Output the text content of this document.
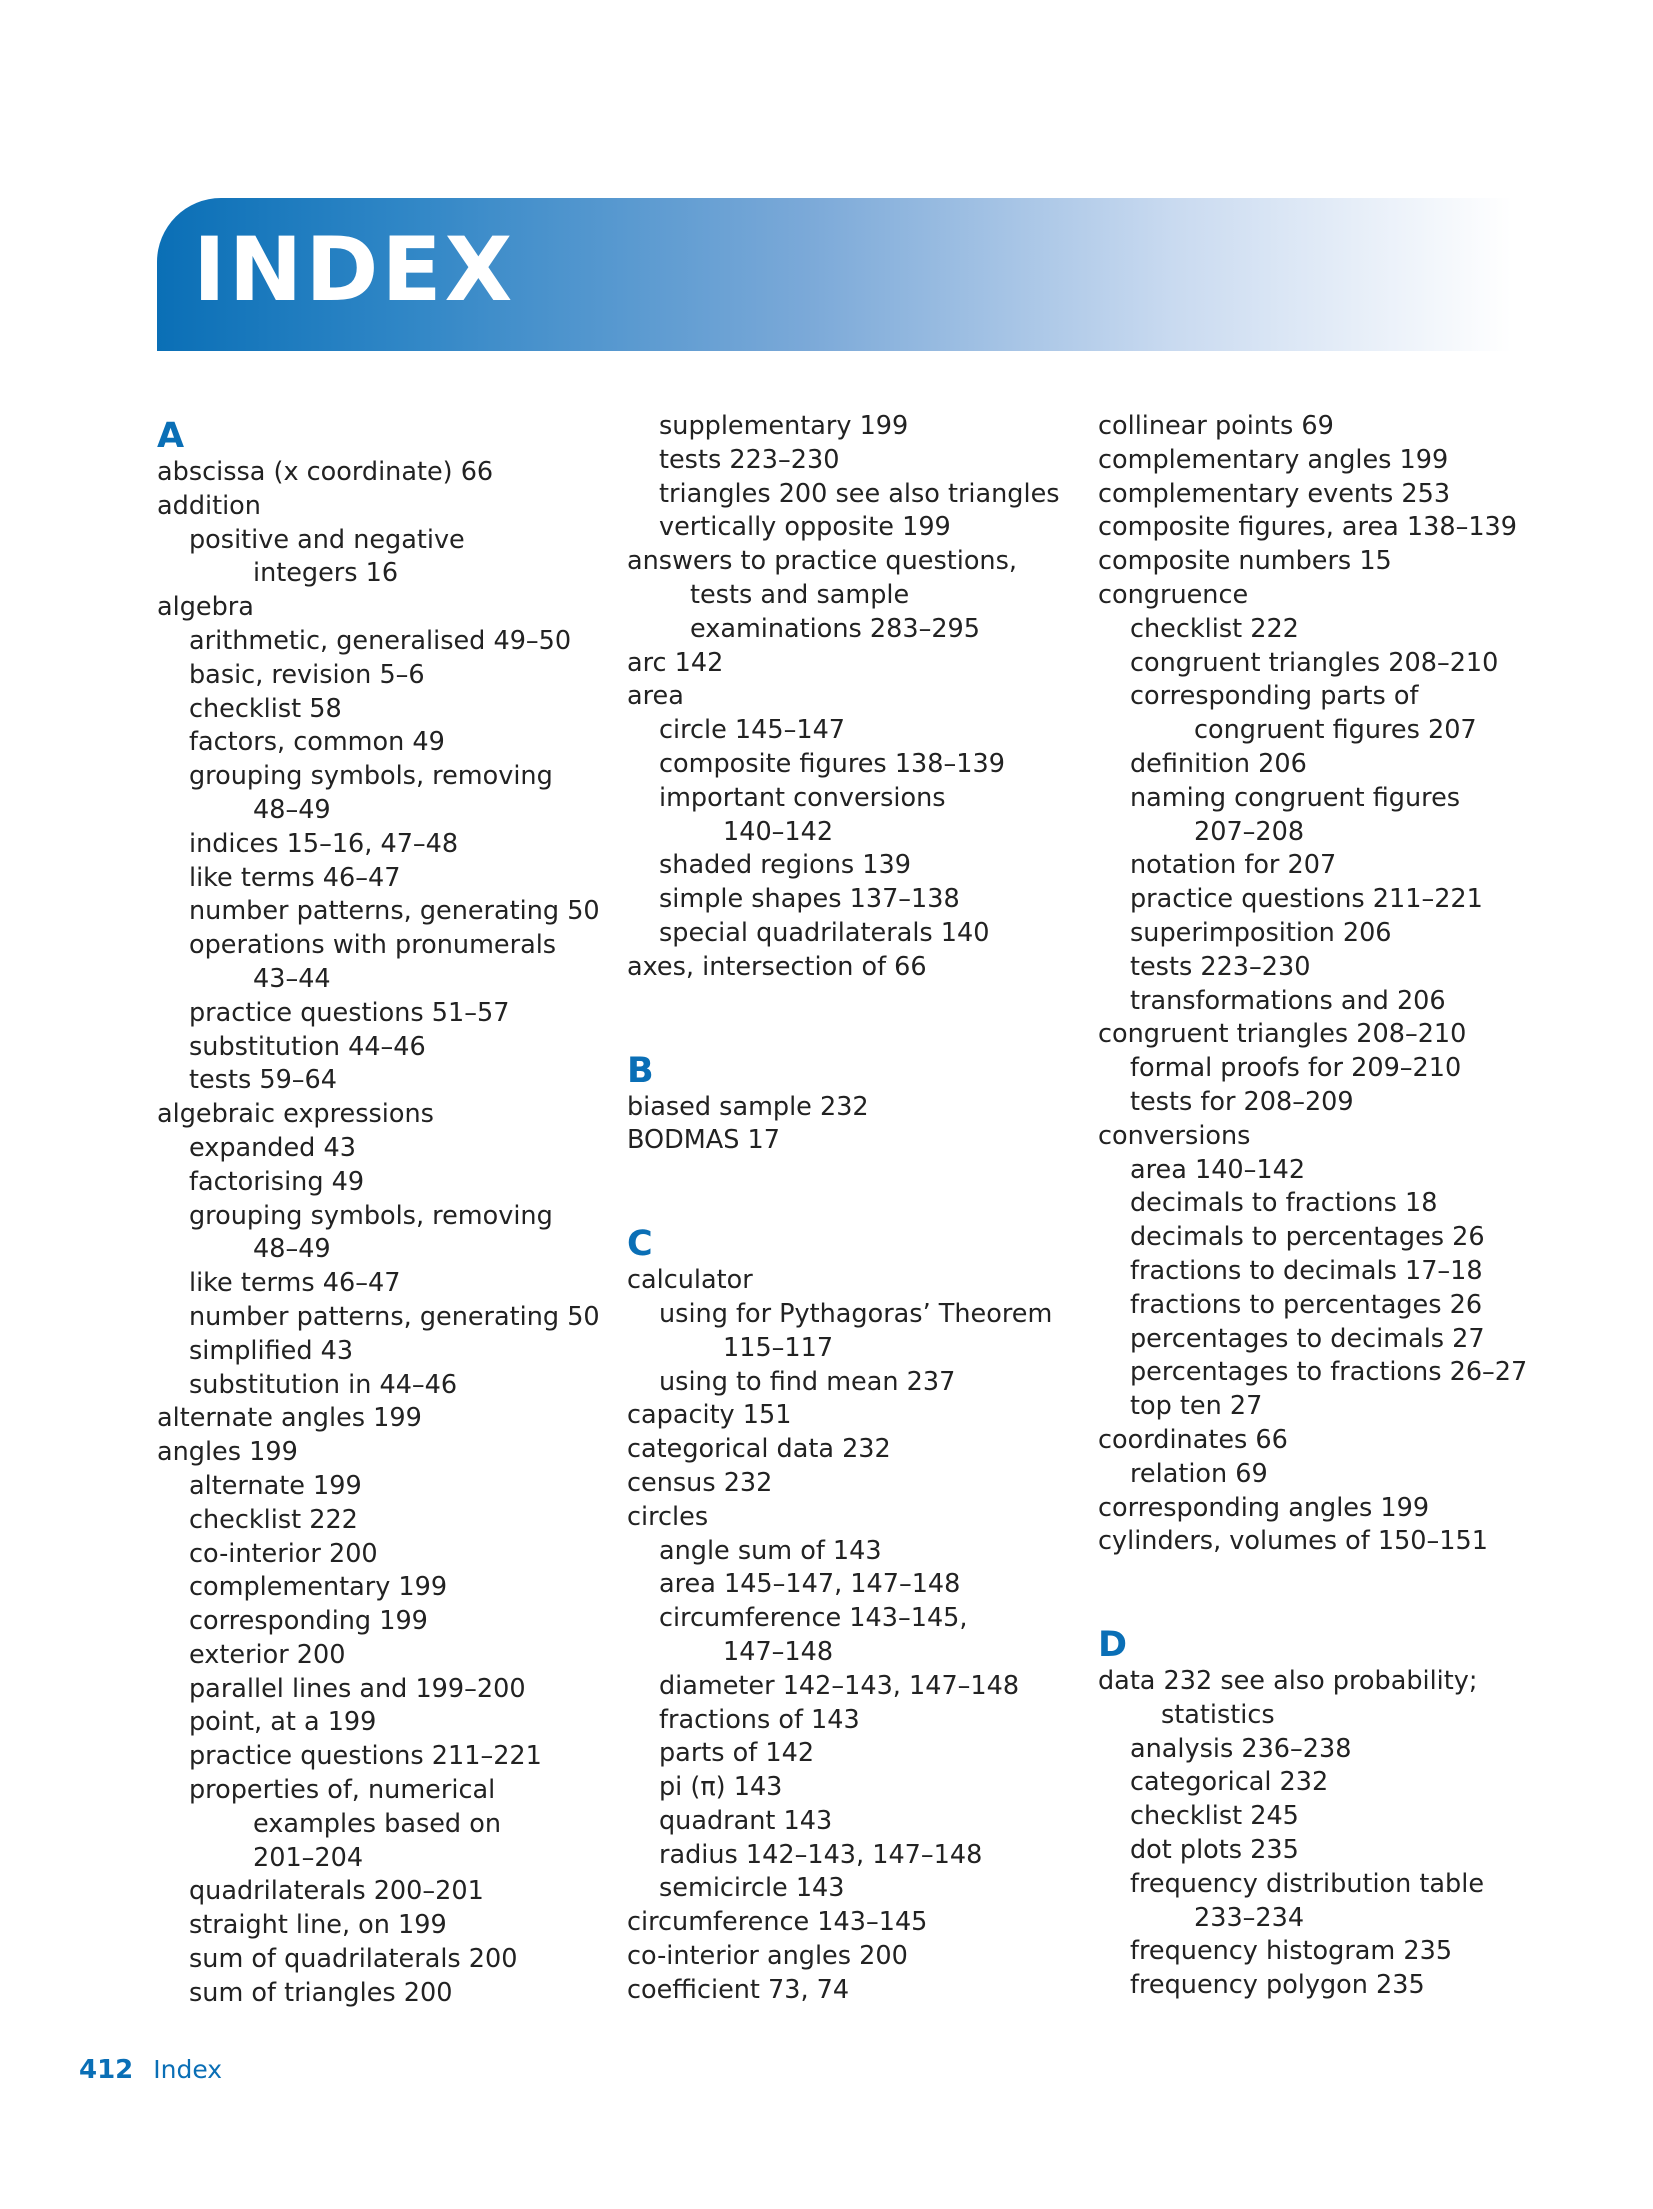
INDEX
A
abscissa (x coordinate) 66
addition
positive and negative
integers 16
algebra
arithmetic, generalised 49–50
basic, revision 5–6
checklist 58
factors, common 49
grouping symbols, removing
48–49
indices 15–16, 47–48
like terms 46–47
number patterns, generating 50
operations with pronumerals
43–44
practice questions 51–57
substitution 44–46
tests 59–64
algebraic expressions
expanded 43
factorising 49
grouping symbols, removing
48–49
like terms 46–47
number patterns, generating 50
simplified 43
substitution in 44–46
alternate angles 199
angles 199
alternate 199
checklist 222
co-interior 200
complementary 199
corresponding 199
exterior 200
parallel lines and 199–200
point, at a 199
practice questions 211–221
properties of, numerical
examples based on
201–204
quadrilaterals 200–201
straight line, on 199
sum of quadrilaterals 200
sum of triangles 200
supplementary 199
tests 223–230
triangles 200 see also triangles
vertically opposite 199
answers to practice questions,
tests and sample
examinations 283–295
arc 142
area
circle 145–147
composite figures 138–139
important conversions
140–142
shaded regions 139
simple shapes 137–138
special quadrilaterals 140
axes, intersection of 66
B
biased sample 232
BODMAS 17
C
calculator
using for Pythagoras’ Theorem
115–117
using to find mean 237
capacity 151
categorical data 232
census 232
circles
angle sum of 143
area 145–147, 147–148
circumference 143–145,
147–148
diameter 142–143, 147–148
fractions of 143
parts of 142
pi (π) 143
quadrant 143
radius 142–143, 147–148
semicircle 143
circumference 143–145
co-interior angles 200
coefficient 73, 74
collinear points 69
complementary angles 199
complementary events 253
composite figures, area 138–139
composite numbers 15
congruence
checklist 222
congruent triangles 208–210
corresponding parts of
congruent figures 207
definition 206
naming congruent figures
207–208
notation for 207
practice questions 211–221
superimposition 206
tests 223–230
transformations and 206
congruent triangles 208–210
formal proofs for 209–210
tests for 208–209
conversions
area 140–142
decimals to fractions 18
decimals to percentages 26
fractions to decimals 17–18
fractions to percentages 26
percentages to decimals 27
percentages to fractions 26–27
top ten 27
coordinates 66
relation 69
corresponding angles 199
cylinders, volumes of 150–151
D
data 232 see also probability;
statistics
analysis 236–238
categorical 232
checklist 245
dot plots 235
frequency distribution table
233–234
frequency histogram 235
frequency polygon 235
412 Index
